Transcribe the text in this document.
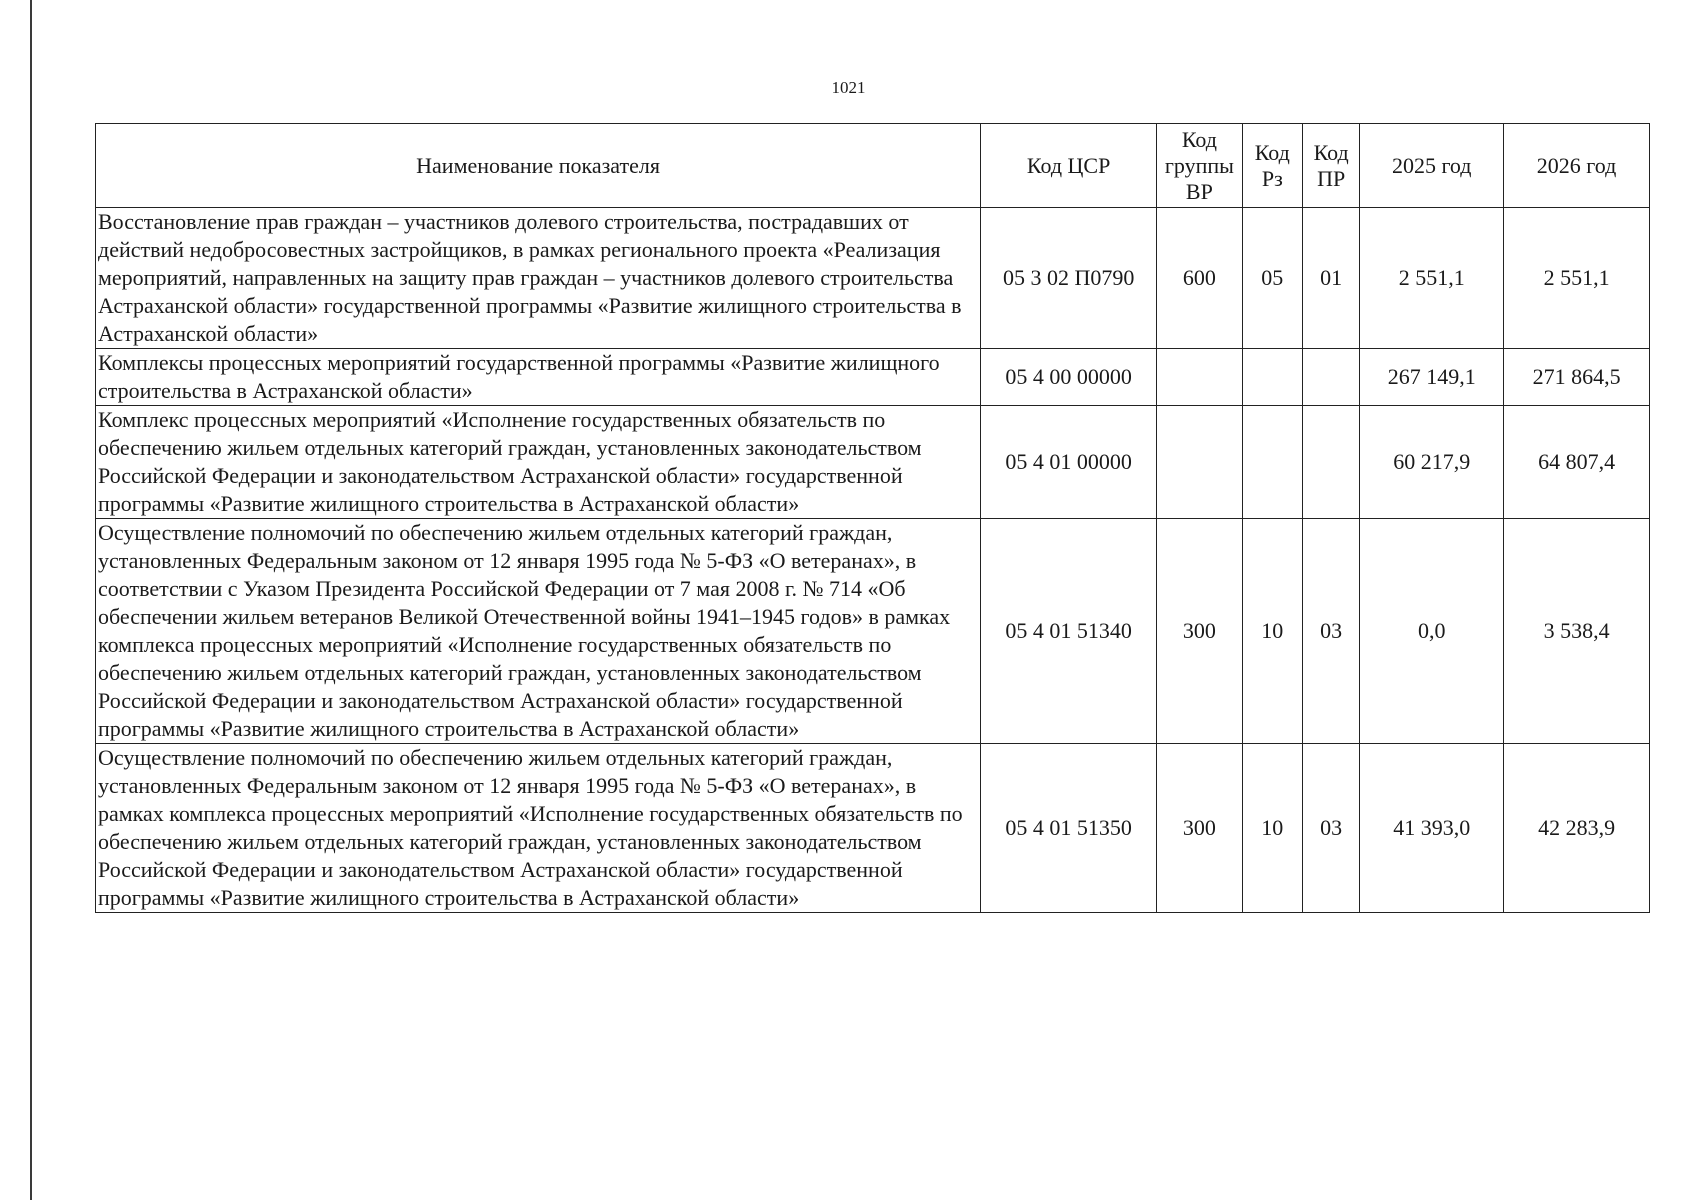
1021
Наименование показателя	Код ЦСР	Код группы ВР	Код Рз	Код ПР	2025 год	2026 год
Восстановление прав граждан – участников долевого строительства, пострадавших от действий недобросовестных застройщиков, в рамках регионального проекта «Реализация мероприятий, направленных на защиту прав граждан – участников долевого строительства Астраханской области» государственной программы «Развитие жилищного строительства в Астраханской области»	05 3 02 П0790	600	05	01	2 551,1	2 551,1
Комплексы процессных мероприятий государственной программы «Развитие жилищного строительства в Астраханской области»	05 4 00 00000				267 149,1	271 864,5
Комплекс процессных мероприятий «Исполнение государственных обязательств по обеспечению жильем отдельных категорий граждан, установленных законодательством Российской Федерации и законодательством Астраханской области» государственной программы «Развитие жилищного строительства в Астраханской области»	05 4 01 00000				60 217,9	64 807,4
Осуществление полномочий по обеспечению жильем отдельных категорий граждан, установленных Федеральным законом от 12 января 1995 года № 5-ФЗ «О ветеранах», в соответствии с Указом Президента Российской Федерации от 7 мая 2008 г. № 714 «Об обеспечении жильем ветеранов Великой Отечественной войны 1941–1945 годов» в рамках комплекса процессных мероприятий «Исполнение государственных обязательств по обеспечению жильем отдельных категорий граждан, установленных законодательством Российской Федерации и законодательством Астраханской области» государственной программы «Развитие жилищного строительства в Астраханской области»	05 4 01 51340	300	10	03	0,0	3 538,4
Осуществление полномочий по обеспечению жильем отдельных категорий граждан, установленных Федеральным законом от 12 января 1995 года № 5-ФЗ «О ветеранах», в рамках комплекса процессных мероприятий «Исполнение государственных обязательств по обеспечению жильем отдельных категорий граждан, установленных законодательством Российской Федерации и законодательством Астраханской области» государственной программы «Развитие жилищного строительства в Астраханской области»	05 4 01 51350	300	10	03	41 393,0	42 283,9
